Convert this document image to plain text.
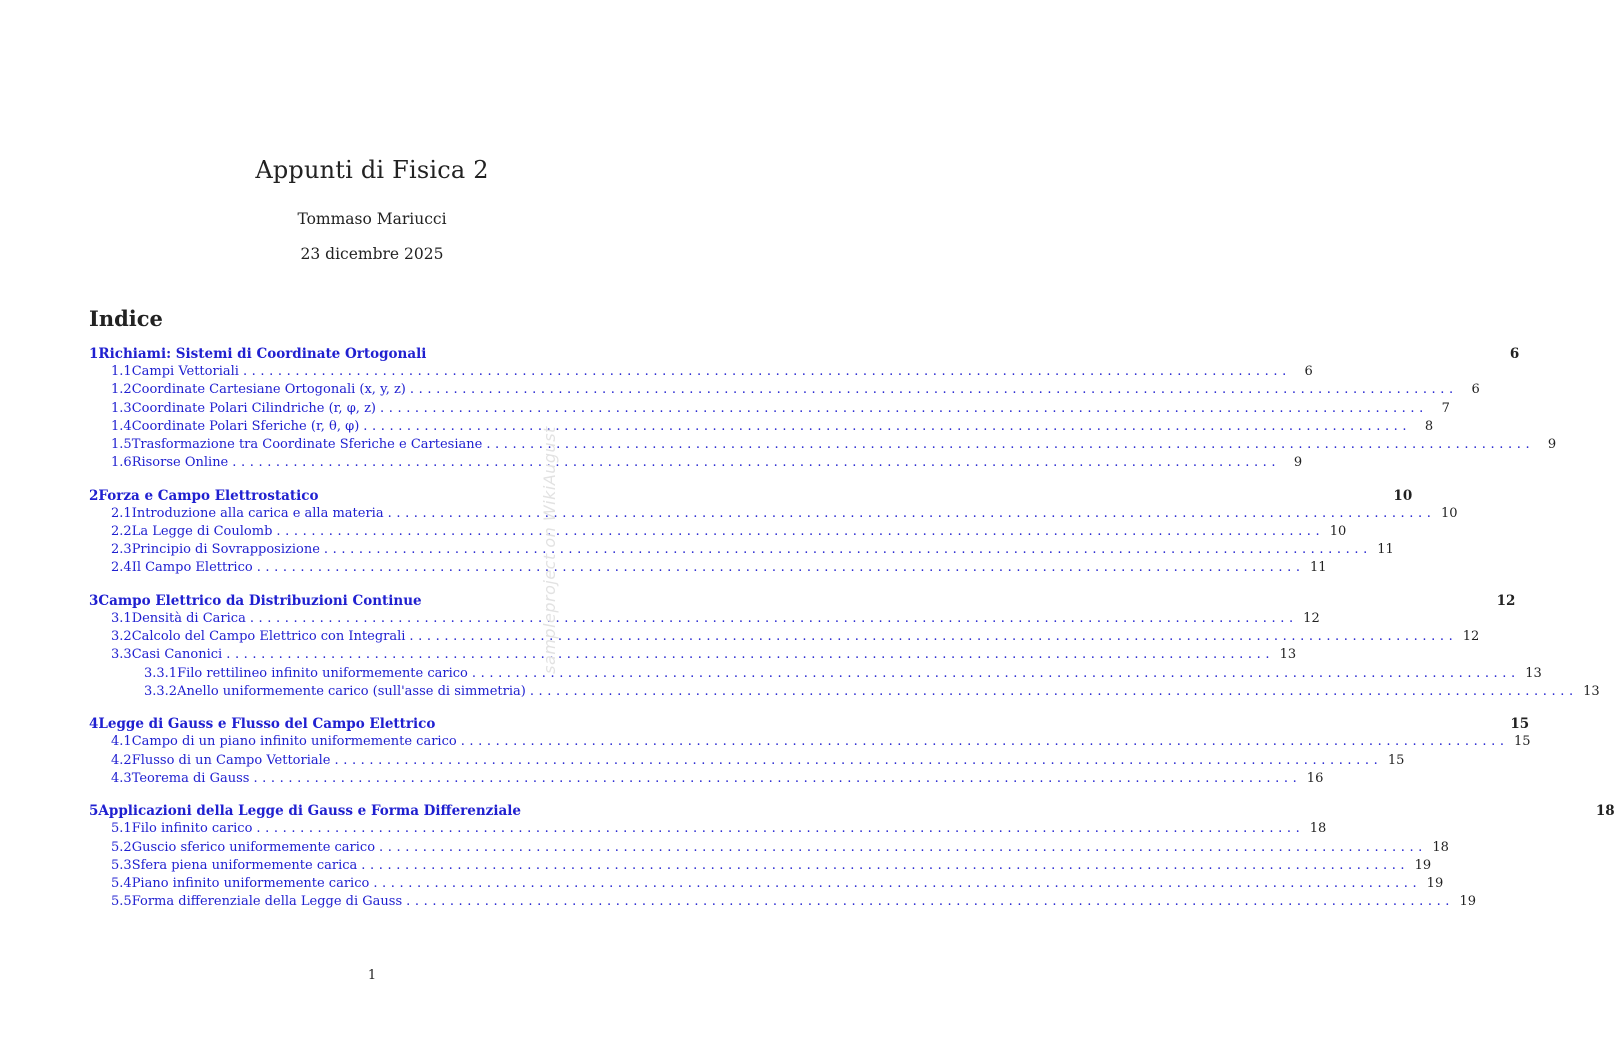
Appunti di Fisica 2
Tommaso Mariucci
23 dicembre 2025
Indice
1 Richiami: Sistemi di Coordinate Ortogonali	6
1.1 Campi Vettoriali ........................................................................................................................	6
1.2 Coordinate Cartesiane Ortogonali (x, y, z) ........................................................................................................................	6
1.3 Coordinate Polari Cilindriche (r, φ, z) ........................................................................................................................	7
1.4 Coordinate Polari Sferiche (r, θ, φ) ........................................................................................................................	8
1.5 Trasformazione tra Coordinate Sferiche e Cartesiane ........................................................................................................................	9
1.6 Risorse Online ........................................................................................................................	9
2 Forza e Campo Elettrostatico	10
2.1 Introduzione alla carica e alla materia ........................................................................................................................ 10
2.2 La Legge di Coulomb ........................................................................................................................ 10
2.3 Principio di Sovrapposizione ........................................................................................................................ 11
2.4 Il Campo Elettrico ........................................................................................................................ 11
3 Campo Elettrico da Distribuzioni Continue	12
3.1 Densità di Carica ........................................................................................................................ 12
3.2 Calcolo del Campo Elettrico con Integrali ........................................................................................................................ 12
3.3 Casi Canonici ........................................................................................................................ 13
3.3.1 Filo rettilineo infinito uniformemente carico ........................................................................................................................ 13
3.3.2 Anello uniformemente carico (sull'asse di simmetria) ........................................................................................................................ 13
4 Legge di Gauss e Flusso del Campo Elettrico	15
4.1 Campo di un piano infinito uniformemente carico ........................................................................................................................ 15
4.2 Flusso di un Campo Vettoriale ........................................................................................................................ 15
4.3 Teorema di Gauss ........................................................................................................................ 16
5 Applicazioni della Legge di Gauss e Forma Differenziale	18
5.1 Filo infinito carico ........................................................................................................................ 18
5.2 Guscio sferico uniformemente carico ........................................................................................................................ 18
5.3 Sfera piena uniformemente carica ........................................................................................................................ 19
5.4 Piano infinito uniformemente carico ........................................................................................................................ 19
5.5 Forma differenziale della Legge di Gauss ........................................................................................................................ 19
sampleproject on WikiAugust
1
